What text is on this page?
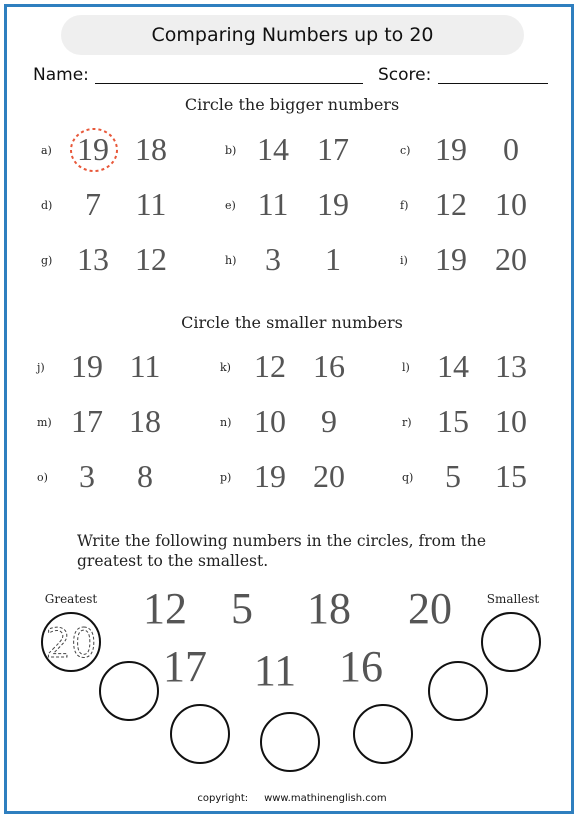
Comparing Numbers up to 20
Name:	Score:
Circle the bigger numbers
a) 19 18
d)	7	11
g) 13 12
b) 14 17
e) 11 19
h) 3	1
c) 19	0
f) 12 10
i) 19 20
Circle the smaller numbers
j) 19 11
m) 17 18
o) 3	8
k) 12 16
n) 10	9
p) 19 20
l) 14 13
r) 15 10
q) 5	15
Write the following numbers in the circles, from the greatest to the smallest.
12	5	18	20
17	11 16
Greatest	Smallest
20
copyright: www.mathinenglish.com
